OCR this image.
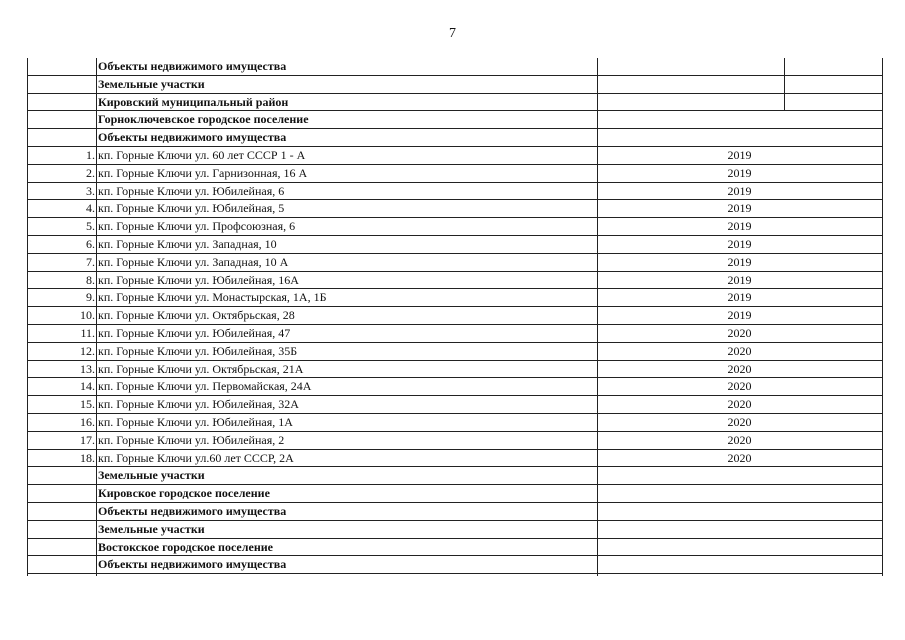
7
Объекты недвижимого имущества
Земельные участки
Кировский муниципальный район
Горноключевское городское поселение
Объекты недвижимого имущества
1. кп. Горные Ключи ул. 60 лет СССР 1 - А	2019
2. кп. Горные Ключи ул. Гарнизонная, 16 А	2019
3. кп. Горные Ключи ул. Юбилейная, 6	2019
4. кп. Горные Ключи ул. Юбилейная, 5	2019
5. кп. Горные Ключи ул. Профсоюзная, 6	2019
6. кп. Горные Ключи ул. Западная, 10	2019
7. кп. Горные Ключи ул. Западная, 10 А	2019
8. кп. Горные Ключи ул. Юбилейная, 16А	2019
9. кп. Горные Ключи ул. Монастырская, 1А, 1Б	2019
10. кп. Горные Ключи ул. Октябрьская, 28	2019
11. кп. Горные Ключи ул. Юбилейная, 47	2020
12. кп. Горные Ключи ул. Юбилейная, 35Б	2020
13. кп. Горные Ключи ул. Октябрьская, 21А	2020
14. кп. Горные Ключи ул. Первомайская, 24А	2020
15. кп. Горные Ключи ул. Юбилейная, 32А	2020
16. кп. Горные Ключи ул. Юбилейная, 1А	2020
17. кп. Горные Ключи ул. Юбилейная, 2	2020
18. кп. Горные Ключи ул.60 лет СССР, 2А	2020
Земельные участки
Кировское городское поселение
Объекты недвижимого имущества
Земельные участки
Востокское городское поселение
Объекты недвижимого имущества
